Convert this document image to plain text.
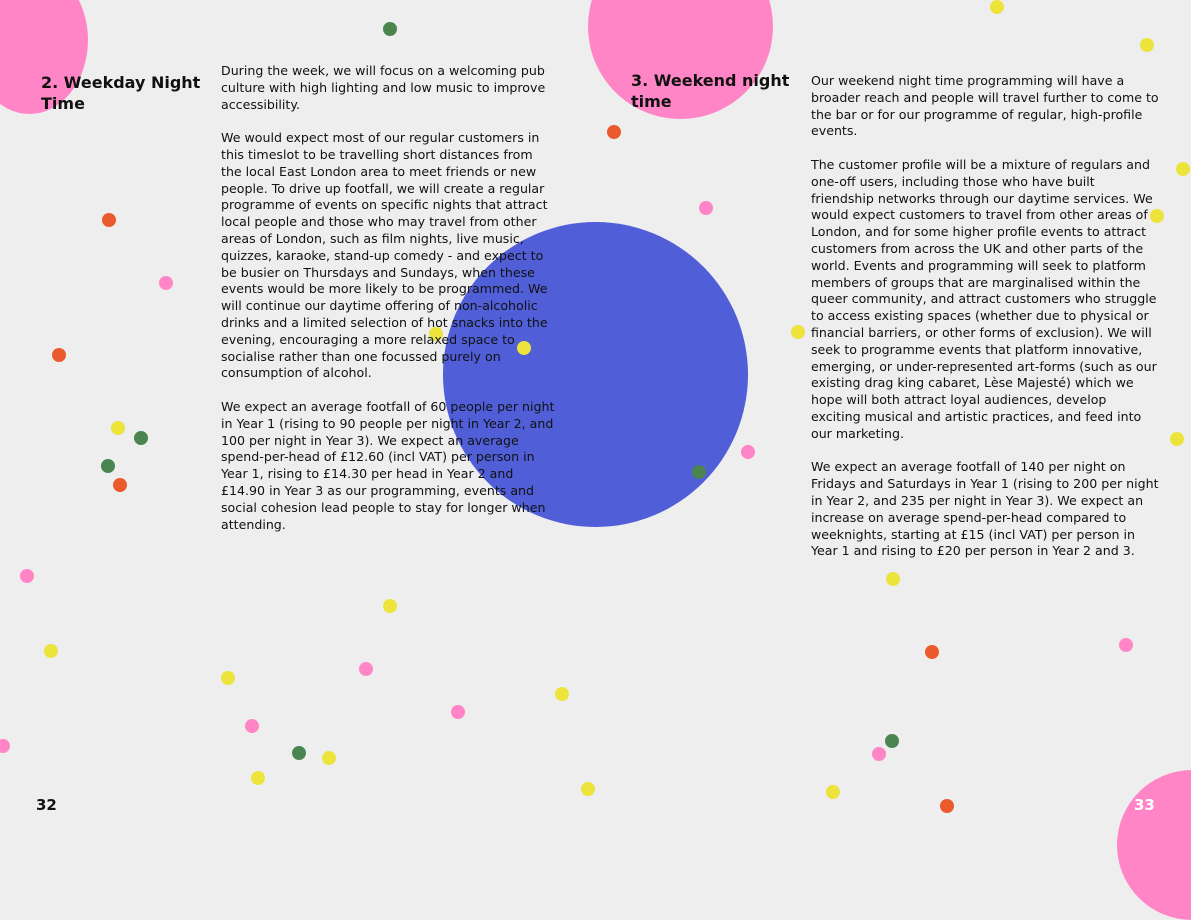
2. Weekday Night Time

During the week, we will focus on a welcoming pub culture with high lighting and low music to improve accessibility.

We would expect most of our regular customers in this timeslot to be travelling short distances from the local East London area to meet friends or new people. To drive up footfall, we will create a regular programme of events on specific nights that attract local people and those who may travel from other areas of London, such as film nights, live music, quizzes, karaoke, stand-up comedy - and expect to be busier on Thursdays and Sundays, when these events would be more likely to be programmed. We will continue our daytime offering of non-alcoholic drinks and a limited selection of hot snacks into the evening, encouraging a more relaxed space to socialise rather than one focussed purely on consumption of alcohol.

We expect an average footfall of 60 people per night in Year 1 (rising to 90 people per night in Year 2, and 100 per night in Year 3). We expect an average spend-per-head of £12.60 (incl VAT) per person in Year 1, rising to £14.30 per head in Year 2 and £14.90 in Year 3 as our programming, events and social cohesion lead people to stay for longer when attending.

32
3. Weekend night time

Our weekend night time programming will have a broader reach and people will travel further to come to the bar or for our programme of regular, high-profile events.

The customer profile will be a mixture of regulars and one-off users, including those who have built friendship networks through our daytime services. We would expect customers to travel from other areas of London, and for some higher profile events to attract customers from across the UK and other parts of the world. Events and programming will seek to platform members of groups that are marginalised within the queer community, and attract customers who struggle to access existing spaces (whether due to physical or financial barriers, or other forms of exclusion). We will seek to programme events that platform innovative, emerging, or under-represented art-forms (such as our existing drag king cabaret, Lèse Majesté) which we hope will both attract loyal audiences, develop exciting musical and artistic practices, and feed into our marketing.

We expect an average footfall of 140 per night on Fridays and Saturdays in Year 1 (rising to 200 per night in Year 2, and 235 per night in Year 3). We expect an increase on average spend-per-head compared to weeknights, starting at £15 (incl VAT) per person in Year 1 and rising to £20 per person in Year 2 and 3.

33
